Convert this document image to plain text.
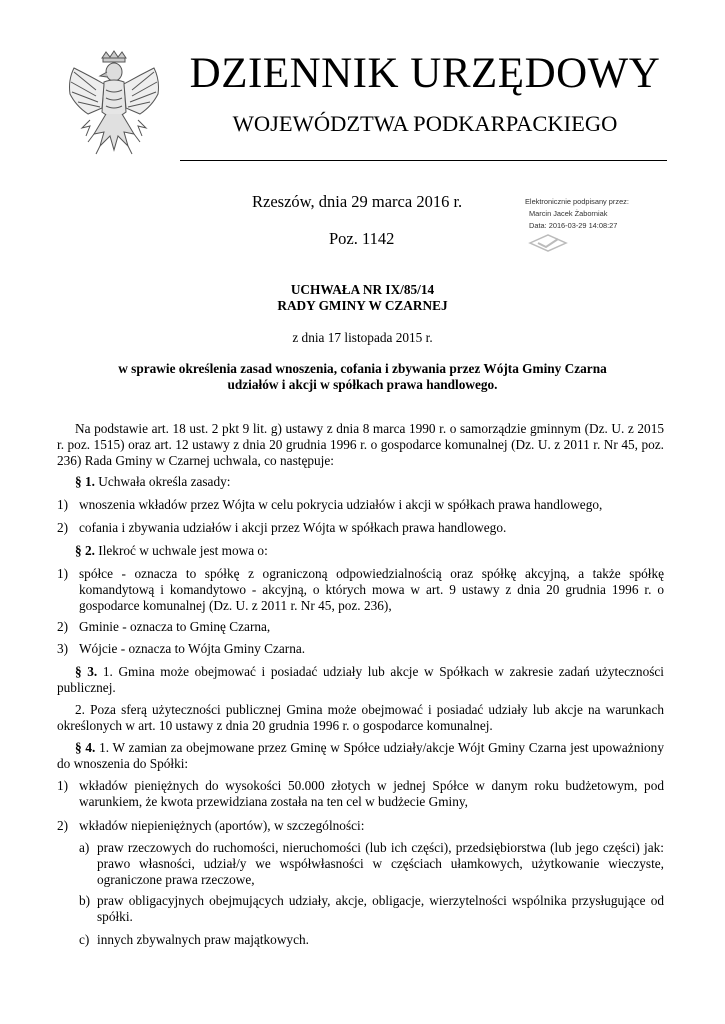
DZIENNIK URZĘDOWY
WOJEWÓDZTWA PODKARPACKIEGO
Rzeszów, dnia 29 marca 2016 r.
Poz. 1142
Elektronicznie podpisany przez:
Marcin Jacek Żaborniak
Data: 2016-03-29 14:08:27
UCHWAŁA NR IX/85/14
RADY GMINY W CZARNEJ
z dnia 17 listopada 2015 r.
w sprawie określenia zasad wnoszenia, cofania i zbywania przez Wójta Gminy Czarna
udziałów i akcji w spółkach prawa handlowego.
Na podstawie art. 18 ust. 2 pkt 9 lit. g) ustawy z dnia 8 marca 1990 r. o samorządzie gminnym (Dz. U. z 2015 r. poz. 1515) oraz art. 12 ustawy z dnia 20 grudnia 1996 r. o gospodarce komunalnej (Dz. U. z 2011 r. Nr 45, poz. 236) Rada Gminy w Czarnej uchwala, co następuje:
§ 1. Uchwała określa zasady:
1) wnoszenia wkładów przez Wójta w celu pokrycia udziałów i akcji w spółkach prawa handlowego,
2) cofania i zbywania udziałów i akcji przez Wójta w spółkach prawa handlowego.
§ 2. Ilekroć w uchwale jest mowa o:
1) spółce - oznacza to spółkę z ograniczoną odpowiedzialnością oraz spółkę akcyjną, a także spółkę komandytową i komandytowo - akcyjną, o których mowa w art. 9 ustawy z dnia 20 grudnia 1996 r. o gospodarce komunalnej (Dz. U. z 2011 r. Nr 45, poz. 236),
2) Gminie - oznacza to Gminę Czarna,
3) Wójcie - oznacza to Wójta Gminy Czarna.
§ 3. 1. Gmina może obejmować i posiadać udziały lub akcje w Spółkach w zakresie zadań użyteczności publicznej.
2. Poza sferą użyteczności publicznej Gmina może obejmować i posiadać udziały lub akcje na warunkach określonych w art. 10 ustawy z dnia 20 grudnia 1996 r. o gospodarce komunalnej.
§ 4. 1. W zamian za obejmowane przez Gminę w Spółce udziały/akcje Wójt Gminy Czarna jest upoważniony do wnoszenia do Spółki:
1) wkładów pieniężnych do wysokości 50.000 złotych w jednej Spółce w danym roku budżetowym, pod warunkiem, że kwota przewidziana została na ten cel w budżecie Gminy,
2) wkładów niepieniężnych (aportów), w szczególności:
a) praw rzeczowych do ruchomości, nieruchomości (lub ich części), przedsiębiorstwa (lub jego części) jak: prawo własności, udział/y we współwłasności w częściach ułamkowych, użytkowanie wieczyste, ograniczone prawa rzeczowe,
b) praw obligacyjnych obejmujących udziały, akcje, obligacje, wierzytelności wspólnika przysługujące od spółki.
c) innych zbywalnych praw majątkowych.
